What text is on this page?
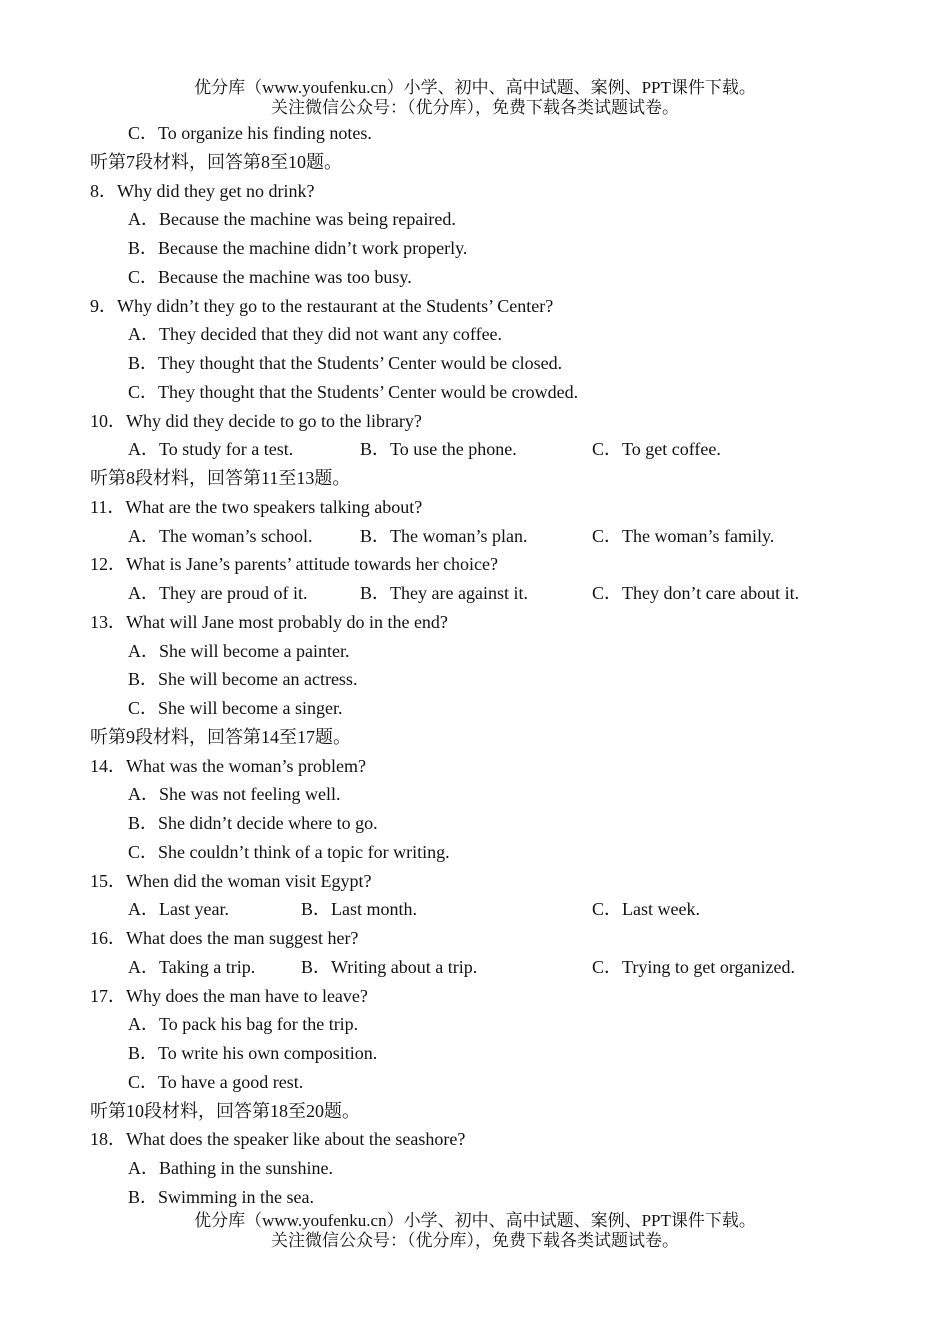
优分库（www.youfenku.cn）小学、初中、高中试题、案例、PPT课件下载。
关注微信公众号：（优分库），免费下载各类试题试卷。
C．To organize his finding notes.
听第7段材料，回答第8至10题。
8．Why did they get no drink?
A．Because the machine was being repaired.
B．Because the machine didn’t work properly.
C．Because the machine was too busy.
9．Why didn’t they go to the restaurant at the Students’ Center?
A．They decided that they did not want any coffee.
B．They thought that the Students’ Center would be closed.
C．They thought that the Students’ Center would be crowded.
10．Why did they decide to go to the library?
A．To study for a test.	B．To use the phone.	C．To get coffee.
听第8段材料，回答第11至13题。
11．What are the two speakers talking about?
A．The woman’s school.	B．The woman’s plan.	C．The woman’s family.
12．What is Jane’s parents’ attitude towards her choice?
A．They are proud of it.	B．They are against it.	C．They don’t care about it.
13．What will Jane most probably do in the end?
A．She will become a painter.
B．She will become an actress.
C．She will become a singer.
听第9段材料，回答第14至17题。
14．What was the woman’s problem?
A．She was not feeling well.
B．She didn’t decide where to go.
C．She couldn’t think of a topic for writing.
15．When did the woman visit Egypt?
A．Last year.	B．Last month.	C．Last week.
16．What does the man suggest her?
A．Taking a trip.	B．Writing about a trip.	C．Trying to get organized.
17．Why does the man have to leave?
A．To pack his bag for the trip.
B．To write his own composition.
C．To have a good rest.
听第10段材料，回答第18至20题。
18．What does the speaker like about the seashore?
A．Bathing in the sunshine.
B．Swimming in the sea.
优分库（www.youfenku.cn）小学、初中、高中试题、案例、PPT课件下载。
关注微信公众号：（优分库），免费下载各类试题试卷。
